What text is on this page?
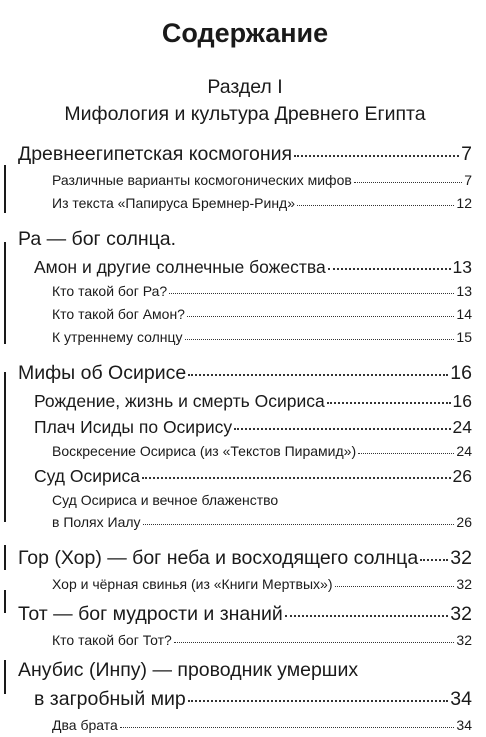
Содержание
Раздел I
Мифология и культура Древнего Египта
Древнеегипетская космогония	7
Различные варианты космогонических мифов	7
Из текста «Папируса Бремнер-Ринд»	12
Ра — бог солнца.
Амон и другие солнечные божества	13
Кто такой бог Ра?	13
Кто такой бог Амон?	14
К утреннему солнцу	15
Мифы об Осирисе	16
Рождение, жизнь и смерть Осириса	16
Плач Исиды по Осирису	24
Воскресение Осириса (из «Текстов Пирамид»)	24
Суд Осириса	26
Суд Осириса и вечное блаженство
в Полях Иалу	26
Гор (Хор) — бог неба и восходящего солнца 32
Хор и чёрная свинья (из «Книги Мертвых»)	32
Тот — бог мудрости и знаний	32
Кто такой бог Тот?	32
Анубис (Инпу) — проводник умерших
в загробный мир	34
Два брата	34
